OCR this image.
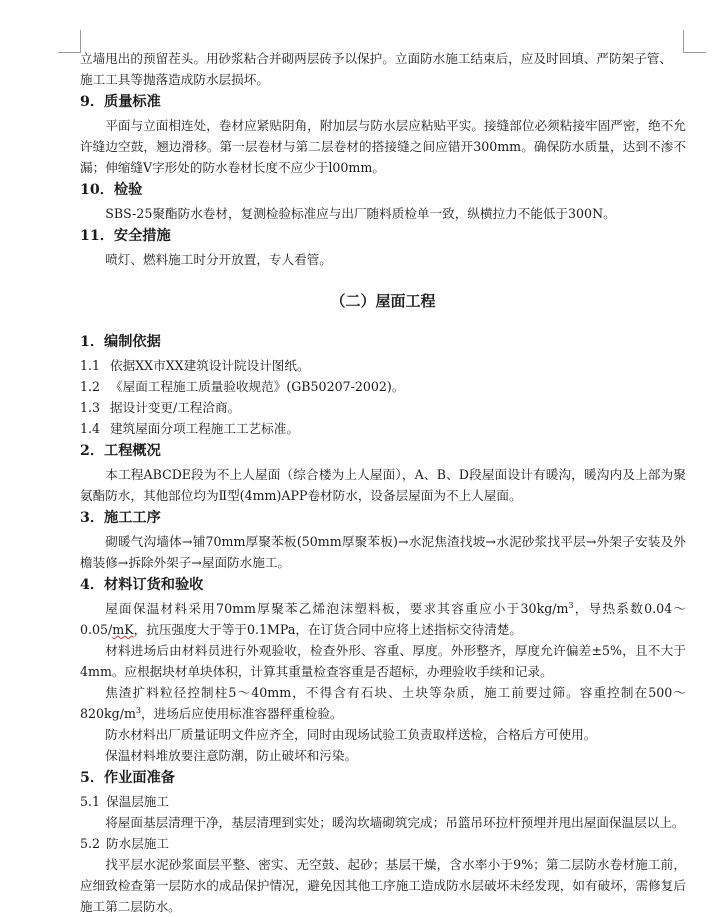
立墙甩出的预留茬头。用砂浆粘合并砌两层砖予以保护。立面防水施工结束后，应及时回填、严防架子管、
施工工具等抛落造成防水层损坏。

9．质量标准

平面与立面相连处，卷材应紧贴阴角，附加层与防水层应粘贴平实。接缝部位必须粘接牢固严密，绝不允许缝边空鼓，翘边滑移。第一层卷材与第二层卷材的搭接缝之间应错开300mm。确保防水质量，达到不渗不漏；伸缩缝V字形处的防水卷材长度不应少于l00mm。

10．检验

SBS-25聚酯防水卷材，复测检验标准应与出厂随料质检单一致，纵横拉力不能低于300N。

11．安全措施

喷灯、燃料施工时分开放置，专人看管。

（二）屋面工程

1．编制依据

1.1 依据XX市XX建筑设计院设计图纸。

1.2 《屋面工程施工质量验收规范》(GB50207-2002)。

1.3 据设计变更/工程洽商。

1.4 建筑屋面分项工程施工工艺标准。

2．工程概况

本工程ABCDE段为不上人屋面（综合楼为上人屋面），A、B、D段屋面设计有暖沟，暖沟内及上部为聚氨酯防水，其他部位均为Ⅱ型(4mm)APP卷材防水，设备层屋面为不上人屋面。

3．施工工序

砌暖气沟墙体→铺70mm厚聚苯板(50mm厚聚苯板)→水泥焦渣找坡→水泥砂浆找平层→外架子安装及外檐装修→拆除外架子→屋面防水施工。

4．材料订货和验收

屋面保温材料采用70mm厚聚苯乙烯泡沫塑料板，要求其容重应小于$30kg/m^3$，导热系数0.04～0.05/mK，抗压强度大于等于0.1MPa，在订货合同中应将上述指标交待清楚。

材料进场后由材料员进行外观验收，检查外形、容重、厚度。外形整齐，厚度允许偏差±5%，且不大于4mm。应根据块材单块体积，计算其重量检查容重是否超标，办理验收手续和记录。

焦渣扩料粒径控制柱5～40mm，不得含有石块、土块等杂质，施工前要过筛。容重控制在$500\sim 820kg/m^3$，进场后应使用标准容器秤重检验。

防水材料出厂质量证明文件应齐全，同时由现场试验工负责取样送检，合格后方可使用。

保温材料堆放要注意防潮，防止破坏和污染。

5．作业面准备

5.1 保温层施工

将屋面基层清理干净，基层清理到实处；暖沟坎墙砌筑完成；吊篮吊环拉杆预埋并甩出屋面保温层以上。

5.2 防水层施工

找平层水泥砂浆面层平整、密实、无空鼓、起砂；基层干燥，含水率小于9%；第二层防水卷材施工前，应细致检查第一层防水的成品保护情况，避免因其他工序施工造成防水层破坏未经发现，如有破坏，需修复后施工第二层防水。
